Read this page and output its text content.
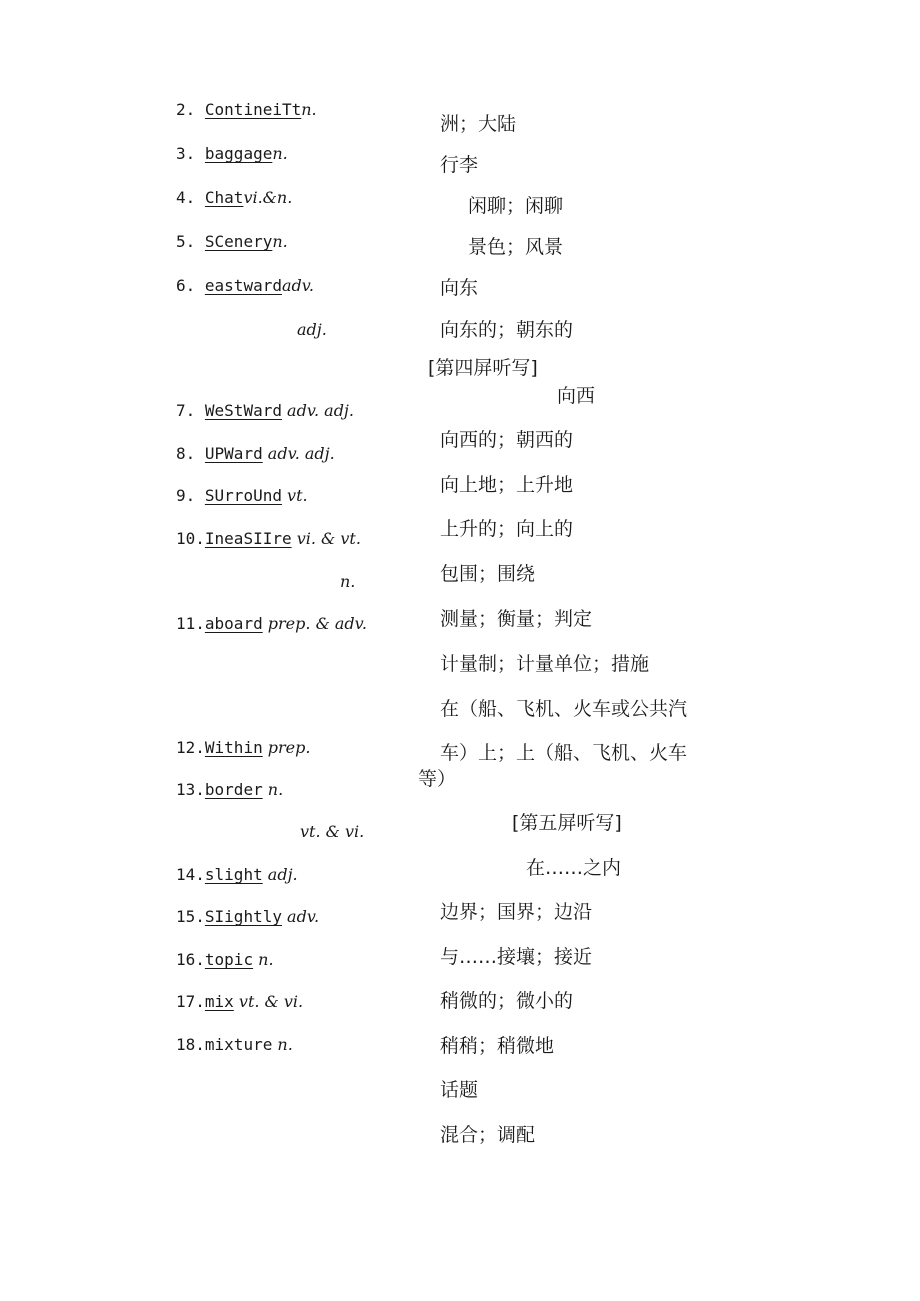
2. ContineiTtn.
3. baggagen.
4. Chatvi.&n.
5. SCeneryn.
6. eastwardadv.
adj.
7. WeStWard adv. adj.
8. UPWard adv. adj.
9. SUrroUnd vt.
10.IneaSIIre vi. & vt.
n.
11.aboard prep. & adv.
12.Within prep.
13.border n.
vt. & vi.
14.slight adj.
15.SIightly adv.
16.topic n.
17.mix vt. & vi.
18.mixture n.
洲；大陆
行李
闲聊；闲聊
景色；风景
向东
向东的；朝东的
[第四屏听写]
向西
向西的；朝西的
向上地；上升地
上升的；向上的
包围；围绕
测量；衡量；判定
计量制；计量单位；措施
在（船、飞机、火车或公共汽
车）上；上（船、飞机、火车
等）
[第五屏听写]
在……之内
边界；国界；边沿
与……接壤；接近
稍微的；微小的
稍稍；稍微地
话题
混合；调配
